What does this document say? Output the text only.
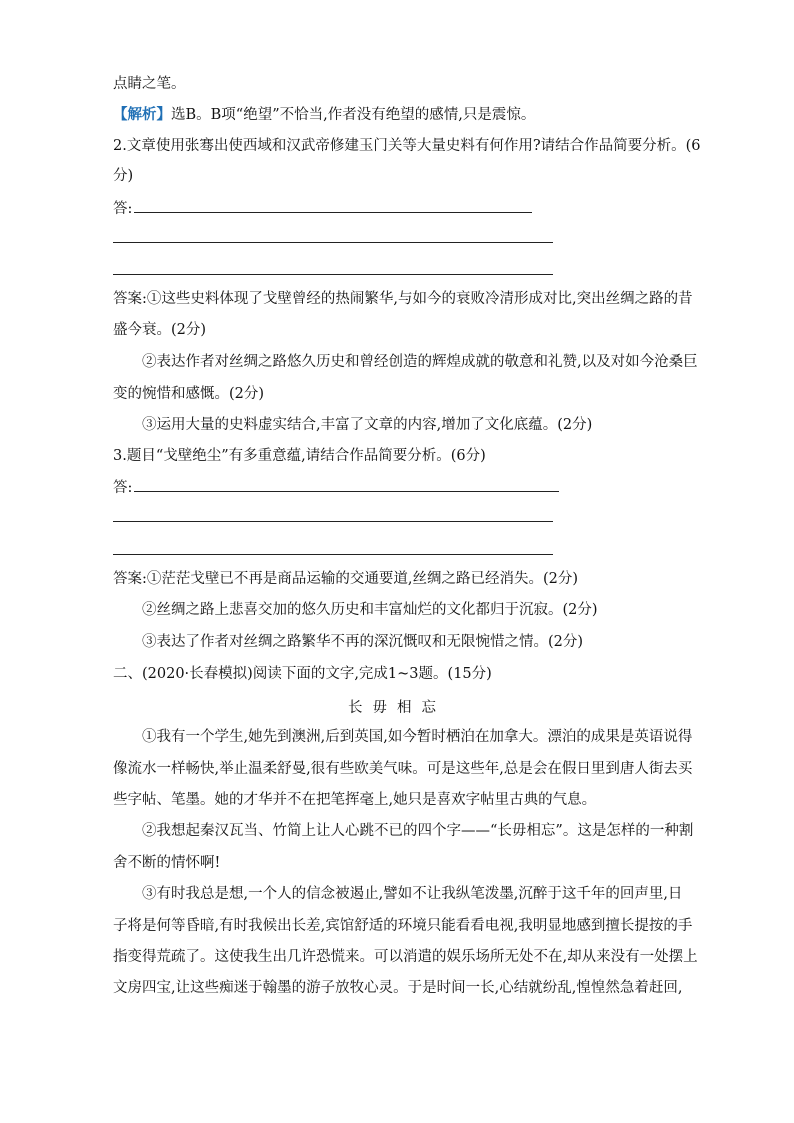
点睛之笔。
【解析】选B。B项“绝望”不恰当,作者没有绝望的感情,只是震惊。
2.文章使用张骞出使西域和汉武帝修建玉门关等大量史料有何作用?请结合作品简要分析。(6
分)
答:
答案:①这些史料体现了戈壁曾经的热闹繁华,与如今的衰败冷清形成对比,突出丝绸之路的昔
盛今衰。(2分)
②表达作者对丝绸之路悠久历史和曾经创造的辉煌成就的敬意和礼赞,以及对如今沧桑巨
变的惋惜和感慨。(2分)
③运用大量的史料虚实结合,丰富了文章的内容,增加了文化底蕴。(2分)
3.题目“戈壁绝尘”有多重意蕴,请结合作品简要分析。(6分)
答:
答案:①茫茫戈壁已不再是商品运输的交通要道,丝绸之路已经消失。(2分)
②丝绸之路上悲喜交加的悠久历史和丰富灿烂的文化都归于沉寂。(2分)
③表达了作者对丝绸之路繁华不再的深沉慨叹和无限惋惜之情。(2分)
二、(2020·长春模拟)阅读下面的文字,完成1~3题。(15分)
长毋相忘
①我有一个学生,她先到澳洲,后到英国,如今暂时栖泊在加拿大。漂泊的成果是英语说得
像流水一样畅快,举止温柔舒曼,很有些欧美气味。可是这些年,总是会在假日里到唐人街去买
些字帖、笔墨。她的才华并不在把笔挥毫上,她只是喜欢字帖里古典的气息。
②我想起秦汉瓦当、竹简上让人心跳不已的四个字——“长毋相忘”。这是怎样的一种割
舍不断的情怀啊!
③有时我总是想,一个人的信念被遏止,譬如不让我纵笔泼墨,沉醉于这千年的回声里,日
子将是何等昏暗,有时我候出长差,宾馆舒适的环境只能看看电视,我明显地感到擅长提按的手
指变得荒疏了。这使我生出几许恐慌来。可以消遣的娱乐场所无处不在,却从来没有一处摆上
文房四宝,让这些痴迷于翰墨的游子放牧心灵。于是时间一长,心结就纷乱,惶惶然急着赶回,
